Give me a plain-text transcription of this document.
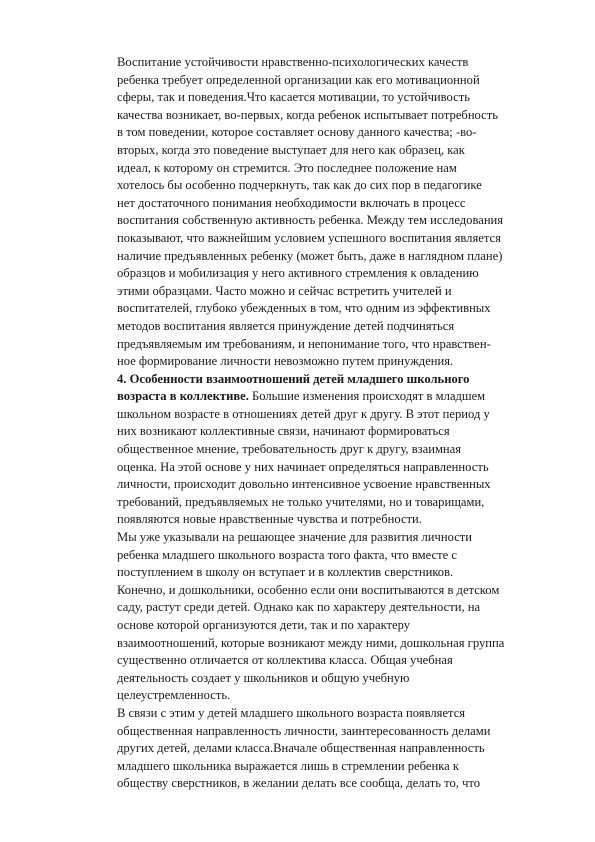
Воспитание устойчивости нравственно-психологических качеств
ребенка требует определенной организации как его мотивационной
сферы, так и поведения.Что касается мотивации, то устойчивость
качества возникает, во-первых, когда ребенок испытывает потребность
в том поведении, которое составляет основу данного качества; -во-
вторых, когда это поведение выступает для него как образец, как
идеал, к которому он стремится. Это последнее положение нам
хотелось бы особенно подчеркнуть, так как до сих пор в педагогике
нет достаточного понимания необходимости включать в процесс
воспитания собственную активность ребенка. Между тем исследования
показывают, что важнейшим условием успешного воспитания является
наличие предъявленных ребенку (может быть, даже в наглядном плане)
образцов и мобилизация у него активного стремления к овладению
этими образцами. Часто можно и сейчас встретить учителей и
воспитателей, глубоко убежденных в том, что одним из эффективных
методов воспитания является принуждение детей подчиняться
предъявляемым им требованиям, и непонимание того, что нравствен-
ное формирование личности невозможно путем принуждения.
4. Особенности взаимоотношений детей младшего школьного
возраста в коллективе. Большие изменения происходят в младшем
школьном возрасте в отношениях детей друг к другу. В этот период у
них возникают коллективные связи, начинают формироваться
общественное мнение, требовательность друг к другу, взаимная
оценка. На этой основе у них начинает определяться направленность
личности, происходит довольно интенсивное усвоение нравственных
требований, предъявляемых не только учителями, но и товарищами,
появляются новые нравственные чувства и потребности.
Мы уже указывали на решающее значение для развития личности
ребенка младшего школьного возраста того факта, что вместе с
поступлением в школу он вступает и в коллектив сверстников.
Конечно, и дошкольники, особенно если они воспитываются в детском
саду, растут среди детей. Однако как по характеру деятельности, на
основе которой организуются дети, так и по характеру
взаимоотношений, которые возникают между ними, дошкольная группа
существенно отличается от коллектива класса. Общая учебная
деятельность создает у школьников и общую учебную
целеустремленность.
В связи с этим у детей младшего школьного возраста появляется
общественная направленность личности, заинтересованность делами
других детей, делами класса.Вначале общественная направленность
младшего школьника выражается лишь в стремлении ребенка к
обществу сверстников, в желании делать все сообща, делать то, что
